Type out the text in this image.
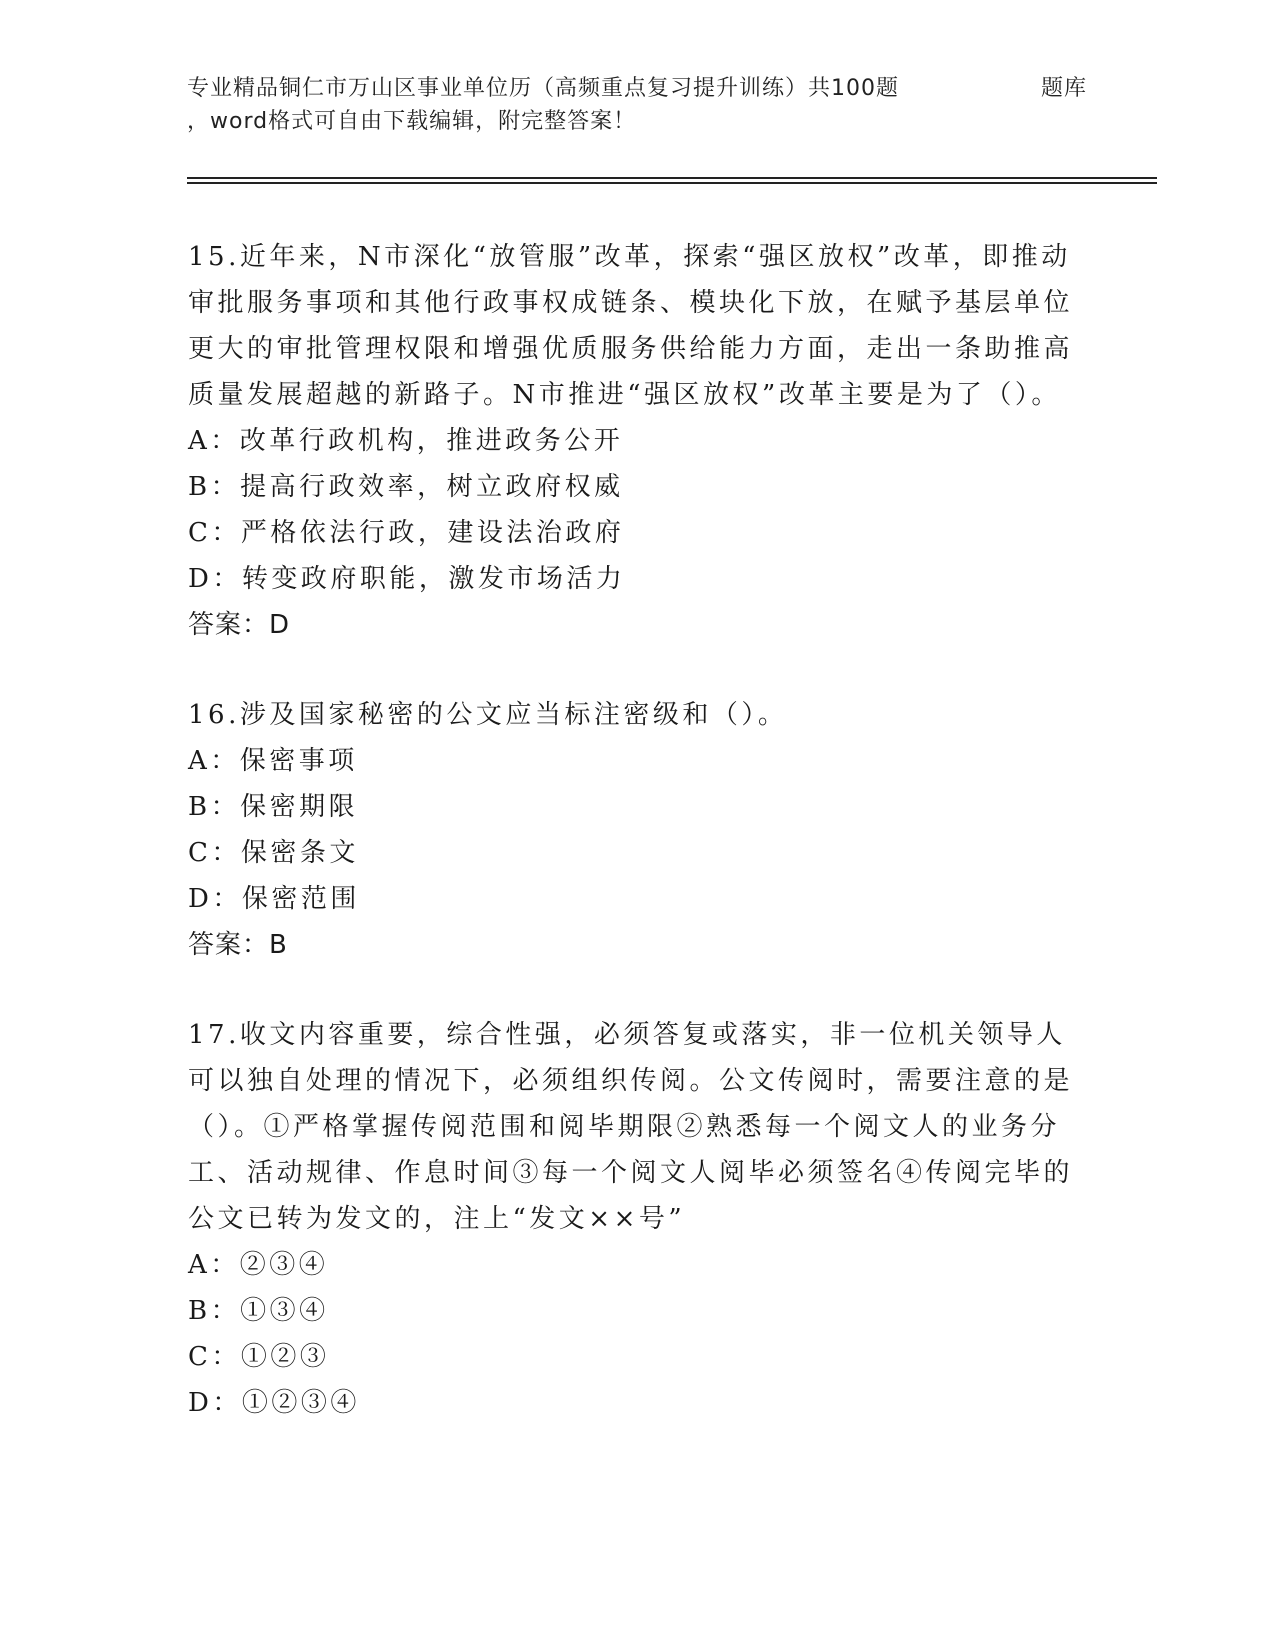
专业精品铜仁市万山区事业单位历（高频重点复习提升训练）共100题	题库
，word格式可自由下载编辑，附完整答案！
15.近年来，N市深化“放管服”改革，探索“强区放权”改革，即推动审批服务事项和其他行政事权成链条、模块化下放，在赋予基层单位更大的审批管理权限和增强优质服务供给能力方面，走出一条助推高质量发展超越的新路子。N市推进“强区放权”改革主要是为了（）。
A：改革行政机构，推进政务公开
B：提高行政效率，树立政府权威
C：严格依法行政，建设法治政府
D：转变政府职能，激发市场活力
答案：D
16.涉及国家秘密的公文应当标注密级和（）。
A：保密事项
B：保密期限
C：保密条文
D：保密范围
答案：B
17.收文内容重要，综合性强，必须答复或落实，非一位机关领导人可以独自处理的情况下，必须组织传阅。公文传阅时，需要注意的是（）。①严格掌握传阅范围和阅毕期限②熟悉每一个阅文人的业务分工、活动规律、作息时间③每一个阅文人阅毕必须签名④传阅完毕的公文已转为发文的，注上“发文××号”
A：②③④
B：①③④
C：①②③
D：①②③④
